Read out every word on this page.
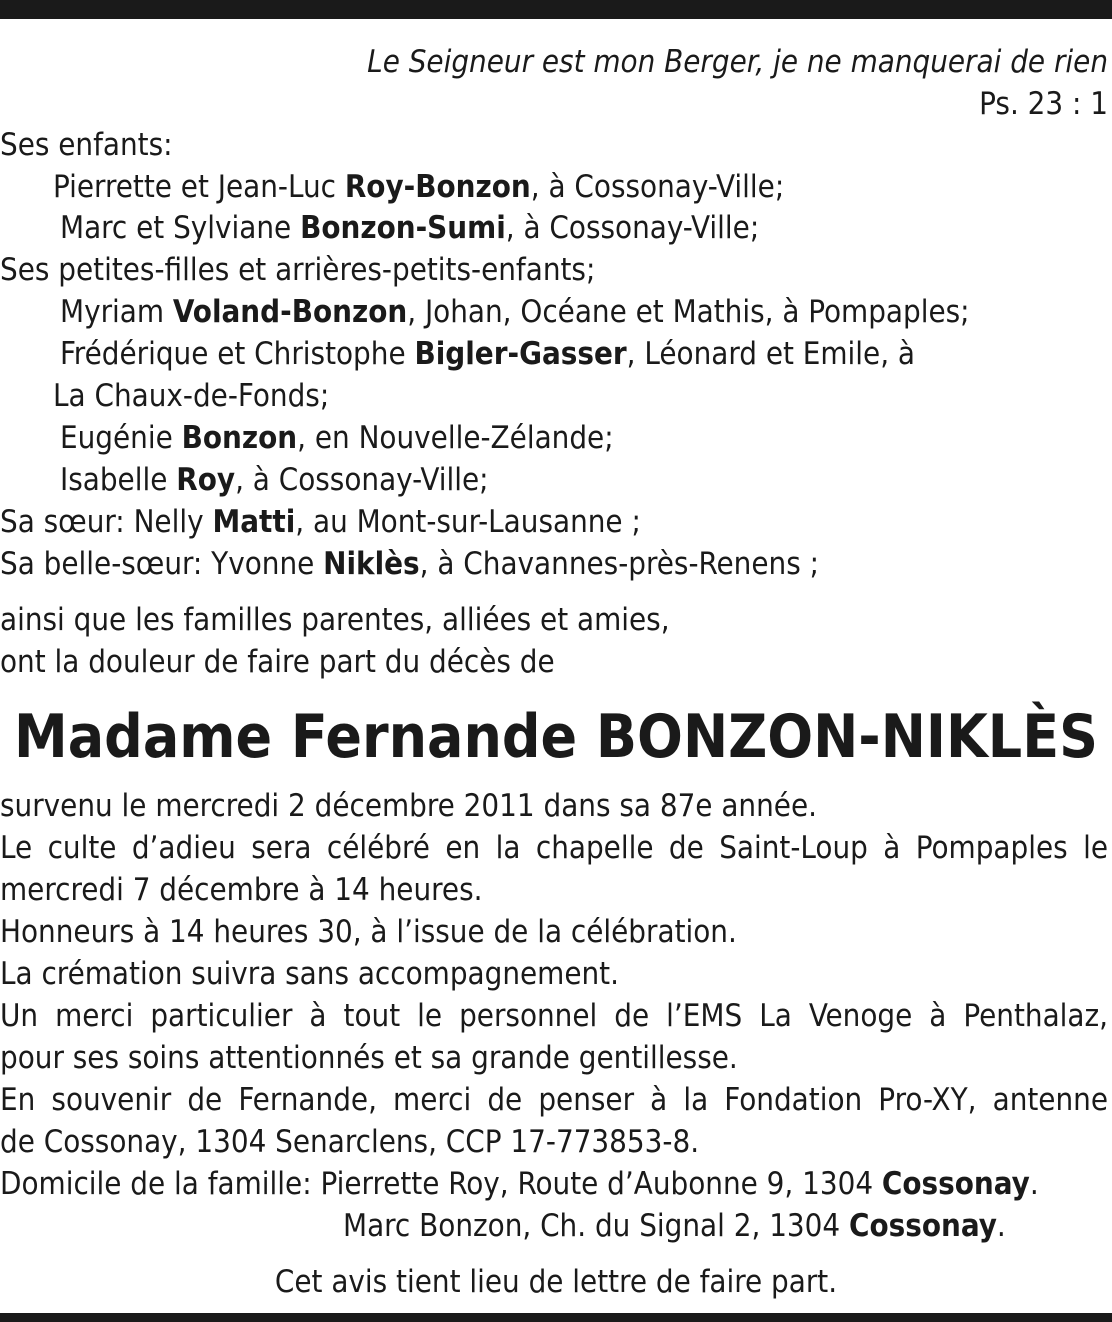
Le Seigneur est mon Berger, je ne manquerai de rien
Ps. 23 : 1
Ses enfants:
Pierrette et Jean-Luc Roy-Bonzon, à Cossonay-Ville;
Marc et Sylviane Bonzon-Sumi, à Cossonay-Ville;
Ses petites-filles et arrières-petits-enfants;
Myriam Voland-Bonzon, Johan, Océane et Mathis, à Pompaples;
Frédérique et Christophe Bigler-Gasser, Léonard et Emile, à
La Chaux-de-Fonds;
Eugénie Bonzon, en Nouvelle-Zélande;
Isabelle Roy, à Cossonay-Ville;
Sa sœur: Nelly Matti, au Mont-sur-Lausanne ;
Sa belle-sœur: Yvonne Niklès, à Chavannes-près-Renens ;
ainsi que les familles parentes, alliées et amies,
ont la douleur de faire part du décès de
Madame Fernande BONZON-NIKLÈS
survenu le mercredi 2 décembre 2011 dans sa 87e année.
Le culte d’adieu sera célébré en la chapelle de Saint-Loup à Pompaples le
mercredi 7 décembre à 14 heures.
Honneurs à 14 heures 30, à l’issue de la célébration.
La crémation suivra sans accompagnement.
Un merci particulier à tout le personnel de l’EMS La Venoge à Penthalaz,
pour ses soins attentionnés et sa grande gentillesse.
En souvenir de Fernande, merci de penser à la Fondation Pro-XY, antenne
de Cossonay, 1304 Senarclens, CCP 17-773853-8.
Domicile de la famille: Pierrette Roy, Route d’Aubonne 9, 1304 Cossonay.
Marc Bonzon, Ch. du Signal 2, 1304 Cossonay.
Cet avis tient lieu de lettre de faire part.
